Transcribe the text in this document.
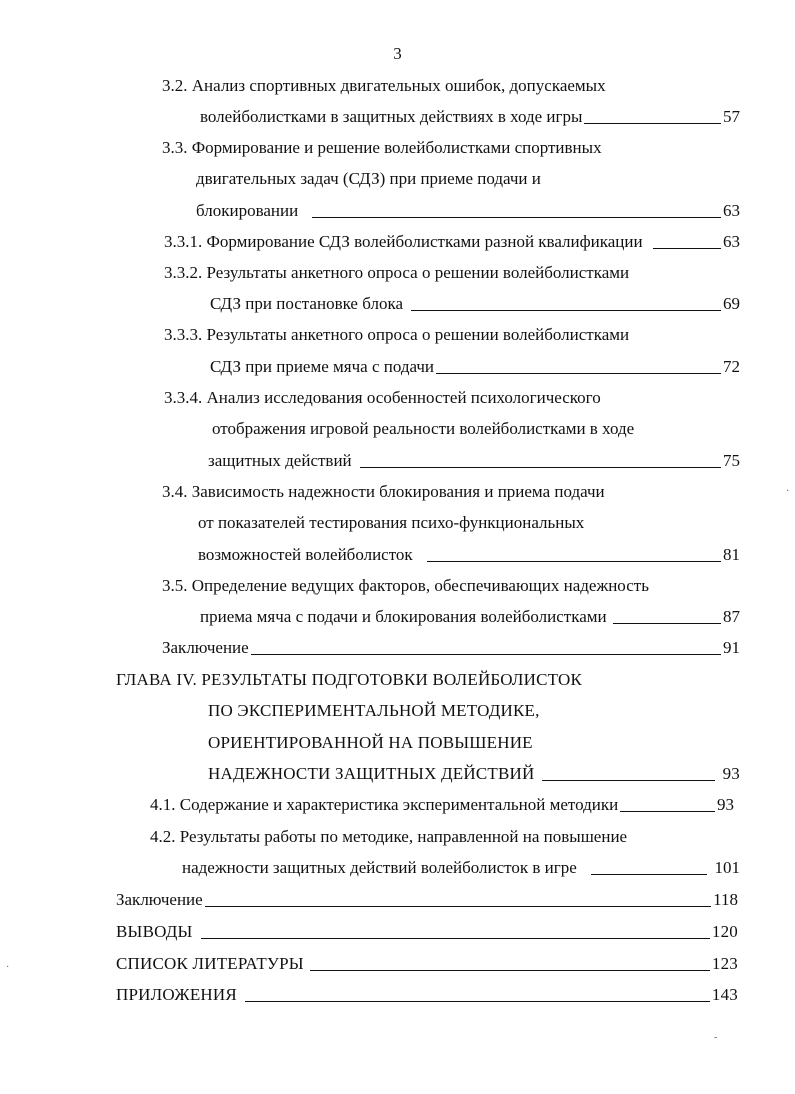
3
3.2. Анализ спортивных двигательных ошибок, допускаемых
волейболистками в защитных действиях в ходе игры	57
3.3. Формирование и решение волейболистками спортивных
двигательных задач (СДЗ) при приеме подачи и
блокировании	63
3.3.1. Формирование СДЗ волейболистками разной квалификации	63
3.3.2. Результаты анкетного опроса о решении волейболистками
СДЗ при постановке блока	69
3.3.3. Результаты анкетного опроса о решении волейболистками
СДЗ при приеме мяча с подачи	72
3.3.4. Анализ исследования особенностей психологического
отображения игровой реальности волейболистками в ходе
защитных действий	75
3.4. Зависимость надежности блокирования и приема подачи
от показателей тестирования психо-функциональных
возможностей волейболисток	81
3.5. Определение ведущих факторов, обеспечивающих надежность
приема мяча с подачи и блокирования волейболистками	87
Заключение	91
ГЛАВА IV. РЕЗУЛЬТАТЫ ПОДГОТОВКИ ВОЛЕЙБОЛИСТОК
ПО ЭКСПЕРИМЕНТАЛЬНОЙ МЕТОДИКЕ,
ОРИЕНТИРОВАННОЙ НА ПОВЫШЕНИЕ
НАДЕЖНОСТИ ЗАЩИТНЫХ ДЕЙСТВИЙ	93
4.1. Содержание и характеристика экспериментальной методики	93
4.2. Результаты работы по методике, направленной на повышение
надежности защитных действий волейболисток в игре	101
Заключение	118
ВЫВОДЫ	120
СПИСОК ЛИТЕРАТУРЫ	123
ПРИЛОЖЕНИЯ	143
·
·
-
